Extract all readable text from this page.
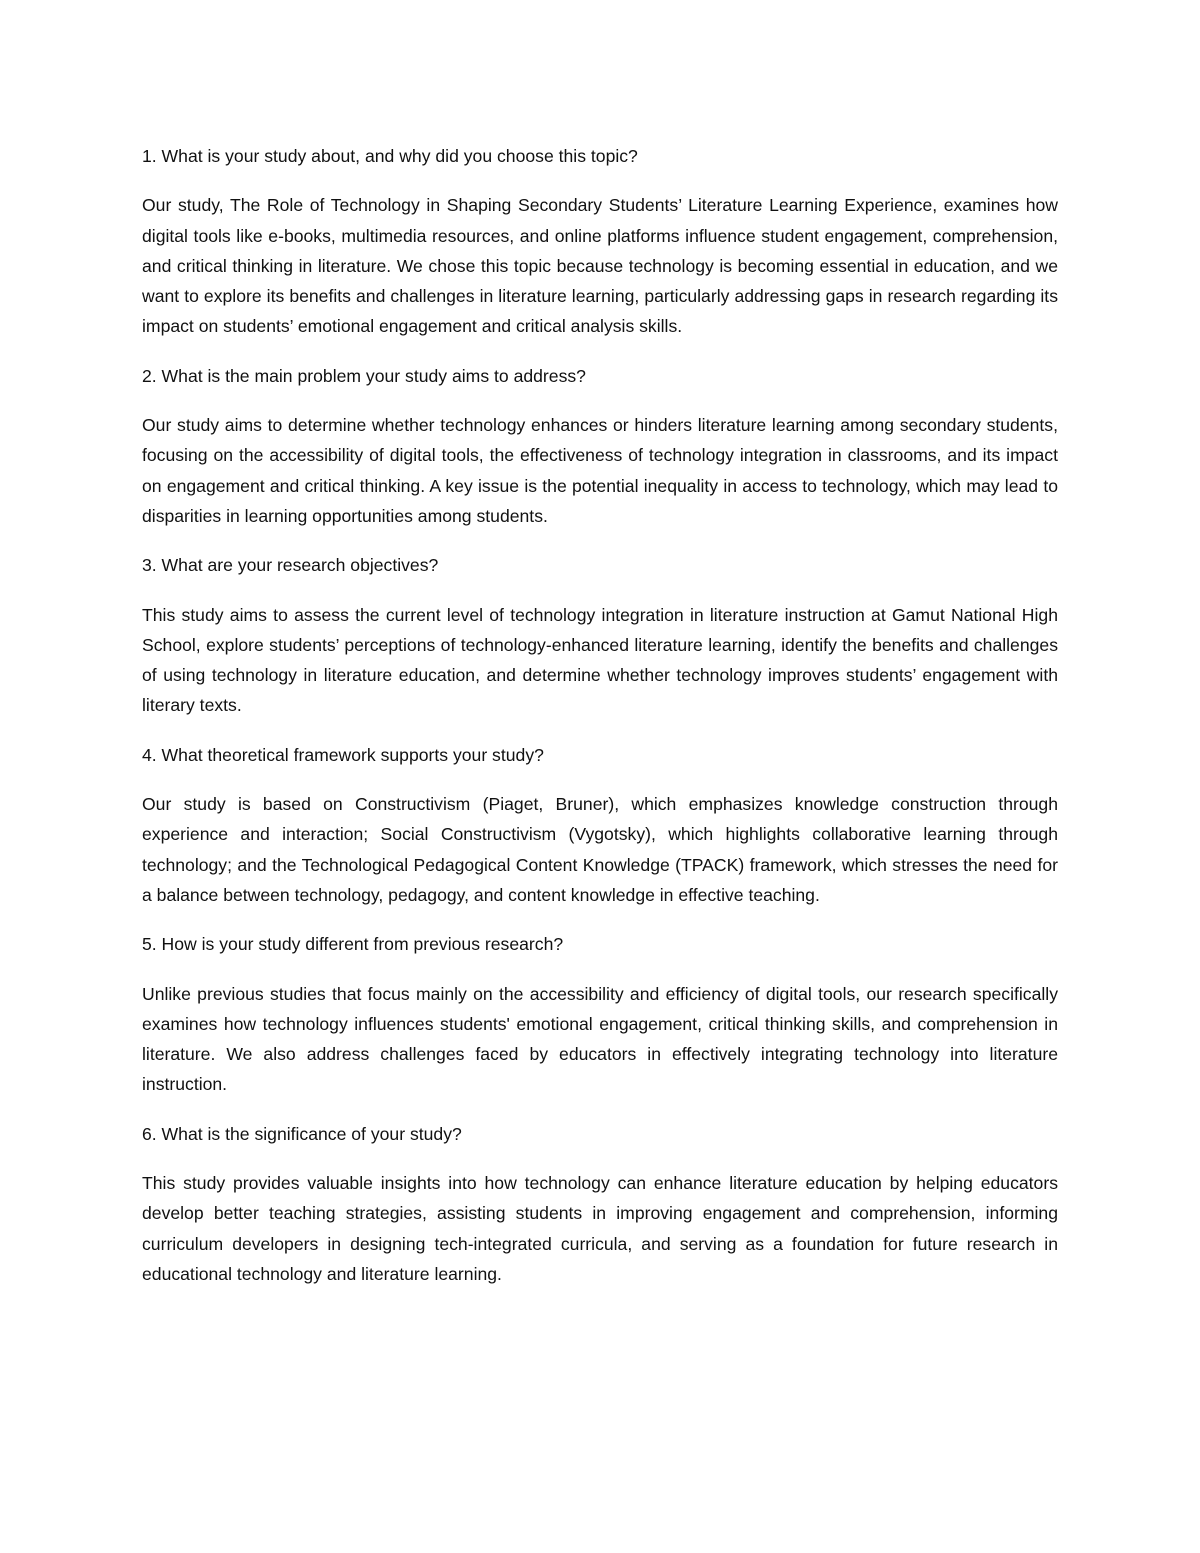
1. What is your study about, and why did you choose this topic?

Our study, The Role of Technology in Shaping Secondary Students’ Literature Learning Experience, examines how digital tools like e-books, multimedia resources, and online platforms influence student engagement, comprehension, and critical thinking in literature. We chose this topic because technology is becoming essential in education, and we want to explore its benefits and challenges in literature learning, particularly addressing gaps in research regarding its impact on students’ emotional engagement and critical analysis skills.

2. What is the main problem your study aims to address?

Our study aims to determine whether technology enhances or hinders literature learning among secondary students, focusing on the accessibility of digital tools, the effectiveness of technology integration in classrooms, and its impact on engagement and critical thinking. A key issue is the potential inequality in access to technology, which may lead to disparities in learning opportunities among students.

3. What are your research objectives?

This study aims to assess the current level of technology integration in literature instruction at Gamut National High School, explore students’ perceptions of technology-enhanced literature learning, identify the benefits and challenges of using technology in literature education, and determine whether technology improves students’ engagement with literary texts.

4. What theoretical framework supports your study?

Our study is based on Constructivism (Piaget, Bruner), which emphasizes knowledge construction through experience and interaction; Social Constructivism (Vygotsky), which highlights collaborative learning through technology; and the Technological Pedagogical Content Knowledge (TPACK) framework, which stresses the need for a balance between technology, pedagogy, and content knowledge in effective teaching.

5. How is your study different from previous research?

Unlike previous studies that focus mainly on the accessibility and efficiency of digital tools, our research specifically examines how technology influences students' emotional engagement, critical thinking skills, and comprehension in literature. We also address challenges faced by educators in effectively integrating technology into literature instruction.

6. What is the significance of your study?

This study provides valuable insights into how technology can enhance literature education by helping educators develop better teaching strategies, assisting students in improving engagement and comprehension, informing curriculum developers in designing tech-integrated curricula, and serving as a foundation for future research in educational technology and literature learning.
